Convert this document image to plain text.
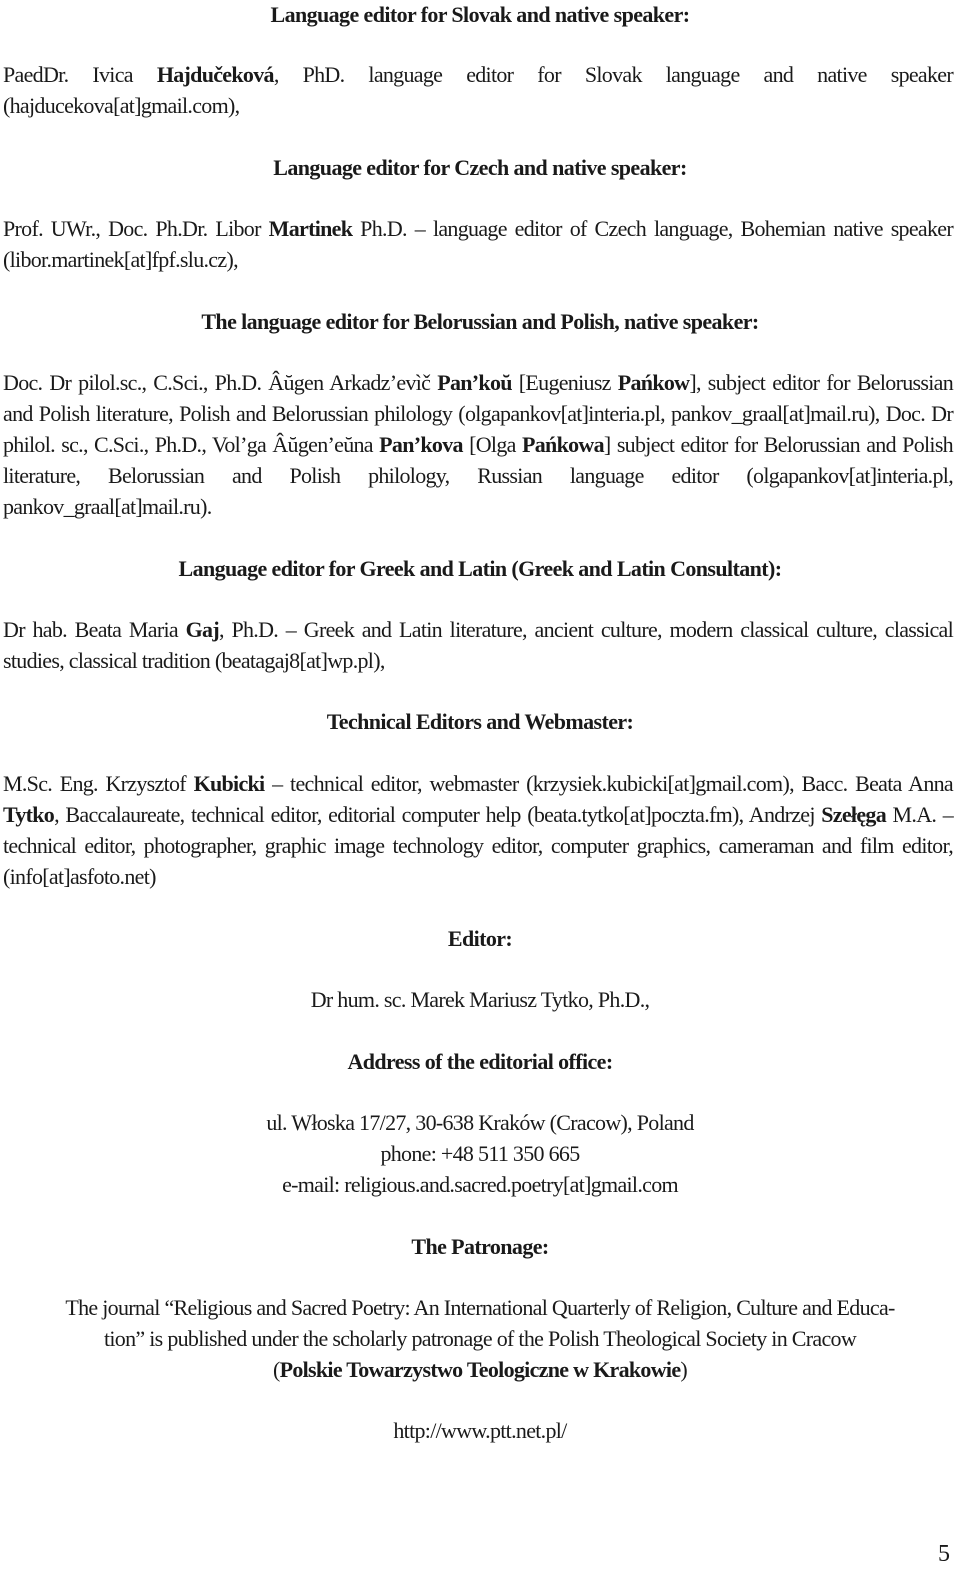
Language editor for Slovak and native speaker:
PaedDr. Ivica Hajdučeková, PhD. language editor for Slovak language and native speaker (hajducekova[at]gmail.com),
Language editor for Czech and native speaker:
Prof. UWr., Doc. Ph.Dr. Libor Martinek Ph.D. – language editor of Czech language, Bohemian native speaker (libor.martinek[at]fpf.slu.cz),
The language editor for Belorussian and Polish, native speaker:
Doc. Dr pilol.sc., C.Sci., Ph.D. Âŭgen Arkadz’evìč Pan’koŭ [Eugeniusz Pańkow], subject editor for Belorussian and Polish literature, Polish and Belorussian philology (olgapankov[at]interia.pl, pankov_graal[at]mail.ru), Doc. Dr philol. sc., C.Sci., Ph.D., Vol’ga Âŭgen’eŭna Pan’kova [Olga Pańkowa] subject editor for Belorussian and Polish literature, Belorussian and Polish philology, Russian language editor (olgapankov[at]interia.pl, pankov_graal[at]mail.ru).
Language editor for Greek and Latin (Greek and Latin Consultant):
Dr hab. Beata Maria Gaj, Ph.D. – Greek and Latin literature, ancient culture, modern classical culture, classical studies, classical tradition (beatagaj8[at]wp.pl),
Technical Editors and Webmaster:
M.Sc. Eng. Krzysztof Kubicki – technical editor, webmaster (krzysiek.kubicki[at]gmail.com), Bacc. Beata Anna Tytko, Baccalaureate, technical editor, editorial computer help (beata.tytko[at]poczta.fm), Andrzej Szełęga M.A. – technical editor, photographer, graphic image technology editor, computer graphics, cameraman and film editor, (info[at]asfoto.net)
Editor:
Dr hum. sc. Marek Mariusz Tytko, Ph.D.,
Address of the editorial office:
ul. Włoska 17/27, 30-638 Kraków (Cracow), Poland
phone: +48 511 350 665
e-mail: religious.and.sacred.poetry[at]gmail.com
The Patronage:
The journal “Religious and Sacred Poetry: An International Quarterly of Religion, Culture and Educa-
tion” is published under the scholarly patronage of the Polish Theological Society in Cracow
(Polskie Towarzystwo Teologiczne w Krakowie)
http://www.ptt.net.pl/
5
